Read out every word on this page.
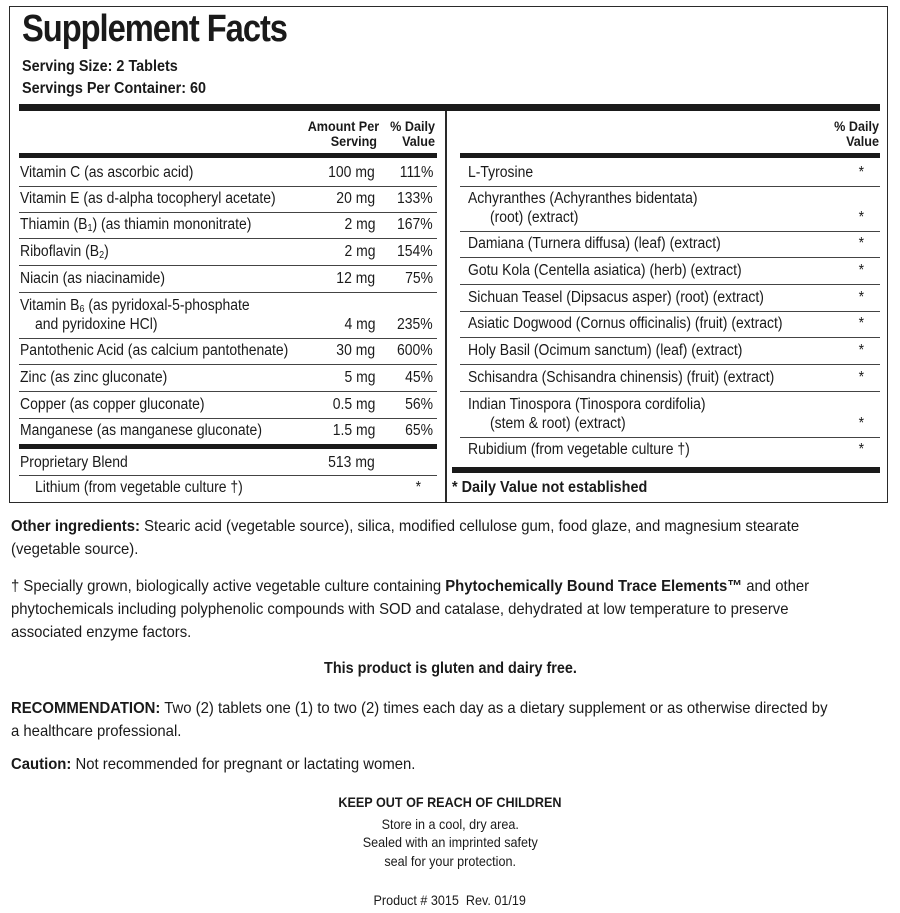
Supplement Facts
Serving Size: 2 Tablets
Servings Per Container: 60
Amount Per
Serving
% Daily
Value
% Daily
Value
Vitamin C (as ascorbic acid)	100 mg 111%
Vitamin E (as d-alpha tocopheryl acetate)	20 mg 133%
Thiamin $(B_1)$ (as thiamin mononitrate)	2 mg 167%
Riboflavin $(B_2)$	2 mg 154%
Niacin (as niacinamide)	12 mg 75%
Vitamin $B_6$ (as pyridoxal-5-phosphate
and pyridoxine HCl)	4 mg 235%
Pantothenic Acid (as calcium pantothenate)	30 mg 600%
Zinc (as zinc gluconate)	5 mg 45%
Copper (as copper gluconate)	0.5 mg 56%
Manganese (as manganese gluconate)	1.5 mg 65%
Proprietary Blend	513 mg
Lithium (from vegetable culture †)	*
L-Tyrosine	*
Achyranthes (Achyranthes bidentata)
(root) (extract)	*
Damiana (Turnera diffusa) (leaf) (extract)	*
Gotu Kola (Centella asiatica) (herb) (extract)	*
Sichuan Teasel (Dipsacus asper) (root) (extract)	*
Asiatic Dogwood (Cornus officinalis) (fruit) (extract)	*
Holy Basil (Ocimum sanctum) (leaf) (extract)	*
Schisandra (Schisandra chinensis) (fruit) (extract)	*
Indian Tinospora (Tinospora cordifolia)
(stem & root) (extract)	*
Rubidium (from vegetable culture †)	*
* Daily Value not established
Other ingredients: Stearic acid (vegetable source), silica, modified cellulose gum, food glaze, and magnesium stearate (vegetable source).
† Specially grown, biologically active vegetable culture containing Phytochemically Bound Trace Elements™ and other phytochemicals including polyphenolic compounds with SOD and catalase, dehydrated at low temperature to preserve associated enzyme factors.
This product is gluten and dairy free.
RECOMMENDATION: Two (2) tablets one (1) to two (2) times each day as a dietary supplement or as otherwise directed by a healthcare professional.
Caution: Not recommended for pregnant or lactating women.
KEEP OUT OF REACH OF CHILDREN
Store in a cool, dry area.
Sealed with an imprinted safety
seal for your protection.
Product # 3015  Rev. 01/19
